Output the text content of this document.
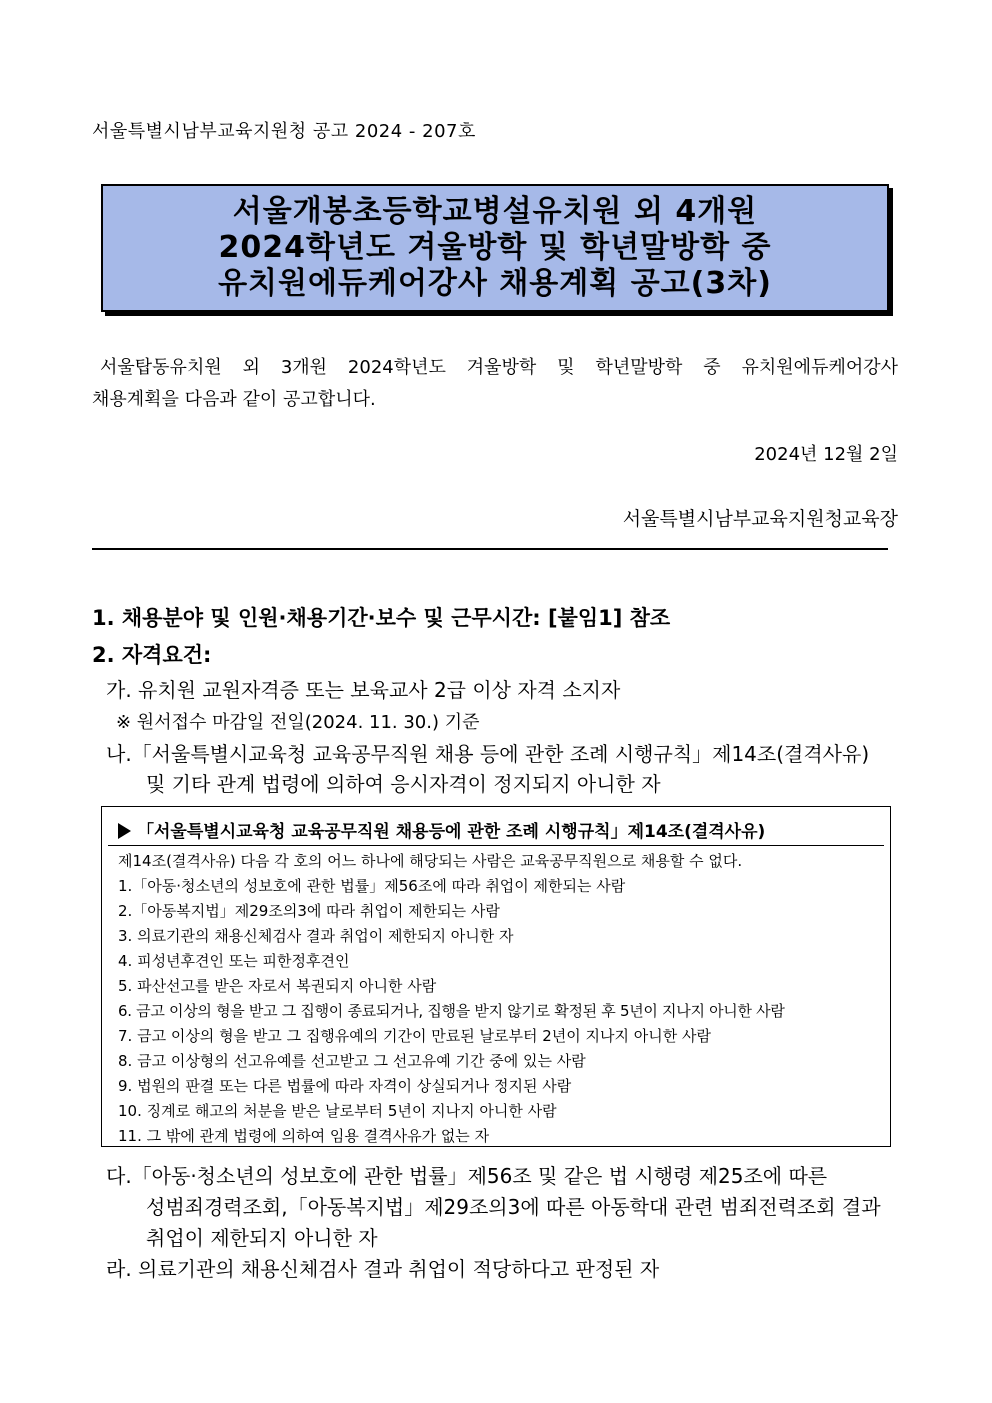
서울특별시남부교육지원청 공고 2024 - 207호
서울개봉초등학교병설유치원 외 4개원
2024학년도 겨울방학 및 학년말방학 중
유치원에듀케어강사 채용계획 공고(3차)
서울탑동유치원 외 3개원 2024학년도 겨울방학 및 학년말방학 중 유치원에듀케어강사
채용계획을 다음과 같이 공고합니다.
2024년 12월 2일
서울특별시남부교육지원청교육장
1. 채용분야 및 인원·채용기간·보수 및 근무시간: [붙임1] 참조
2. 자격요건:
가. 유치원 교원자격증 또는 보육교사 2급 이상 자격 소지자
※ 원서접수 마감일 전일(2024. 11. 30.) 기준
나.「서울특별시교육청 교육공무직원 채용 등에 관한 조례 시행규칙」제14조(결격사유)
및 기타 관계 법령에 의하여 응시자격이 정지되지 아니한 자
「서울특별시교육청 교육공무직원 채용등에 관한 조례 시행규칙」제14조(결격사유)
제14조(결격사유) 다음 각 호의 어느 하나에 해당되는 사람은 교육공무직원으로 채용할 수 없다.
1.「아동·청소년의 성보호에 관한 법률」제56조에 따라 취업이 제한되는 사람
2.「아동복지법」제29조의3에 따라 취업이 제한되는 사람
3. 의료기관의 채용신체검사 결과 취업이 제한되지 아니한 자
4. 피성년후견인 또는 피한정후견인
5. 파산선고를 받은 자로서 복권되지 아니한 사람
6. 금고 이상의 형을 받고 그 집행이 종료되거나, 집행을 받지 않기로 확정된 후 5년이 지나지 아니한 사람
7. 금고 이상의 형을 받고 그 집행유예의 기간이 만료된 날로부터 2년이 지나지 아니한 사람
8. 금고 이상형의 선고유예를 선고받고 그 선고유예 기간 중에 있는 사람
9. 법원의 판결 또는 다른 법률에 따라 자격이 상실되거나 정지된 사람
10. 징계로 해고의 처분을 받은 날로부터 5년이 지나지 아니한 사람
11. 그 밖에 관계 법령에 의하여 임용 결격사유가 없는 자
다.「아동·청소년의 성보호에 관한 법률」제56조 및 같은 법 시행령 제25조에 따른
성범죄경력조회,「아동복지법」제29조의3에 따른 아동학대 관련 범죄전력조회 결과
취업이 제한되지 아니한 자
라. 의료기관의 채용신체검사 결과 취업이 적당하다고 판정된 자
